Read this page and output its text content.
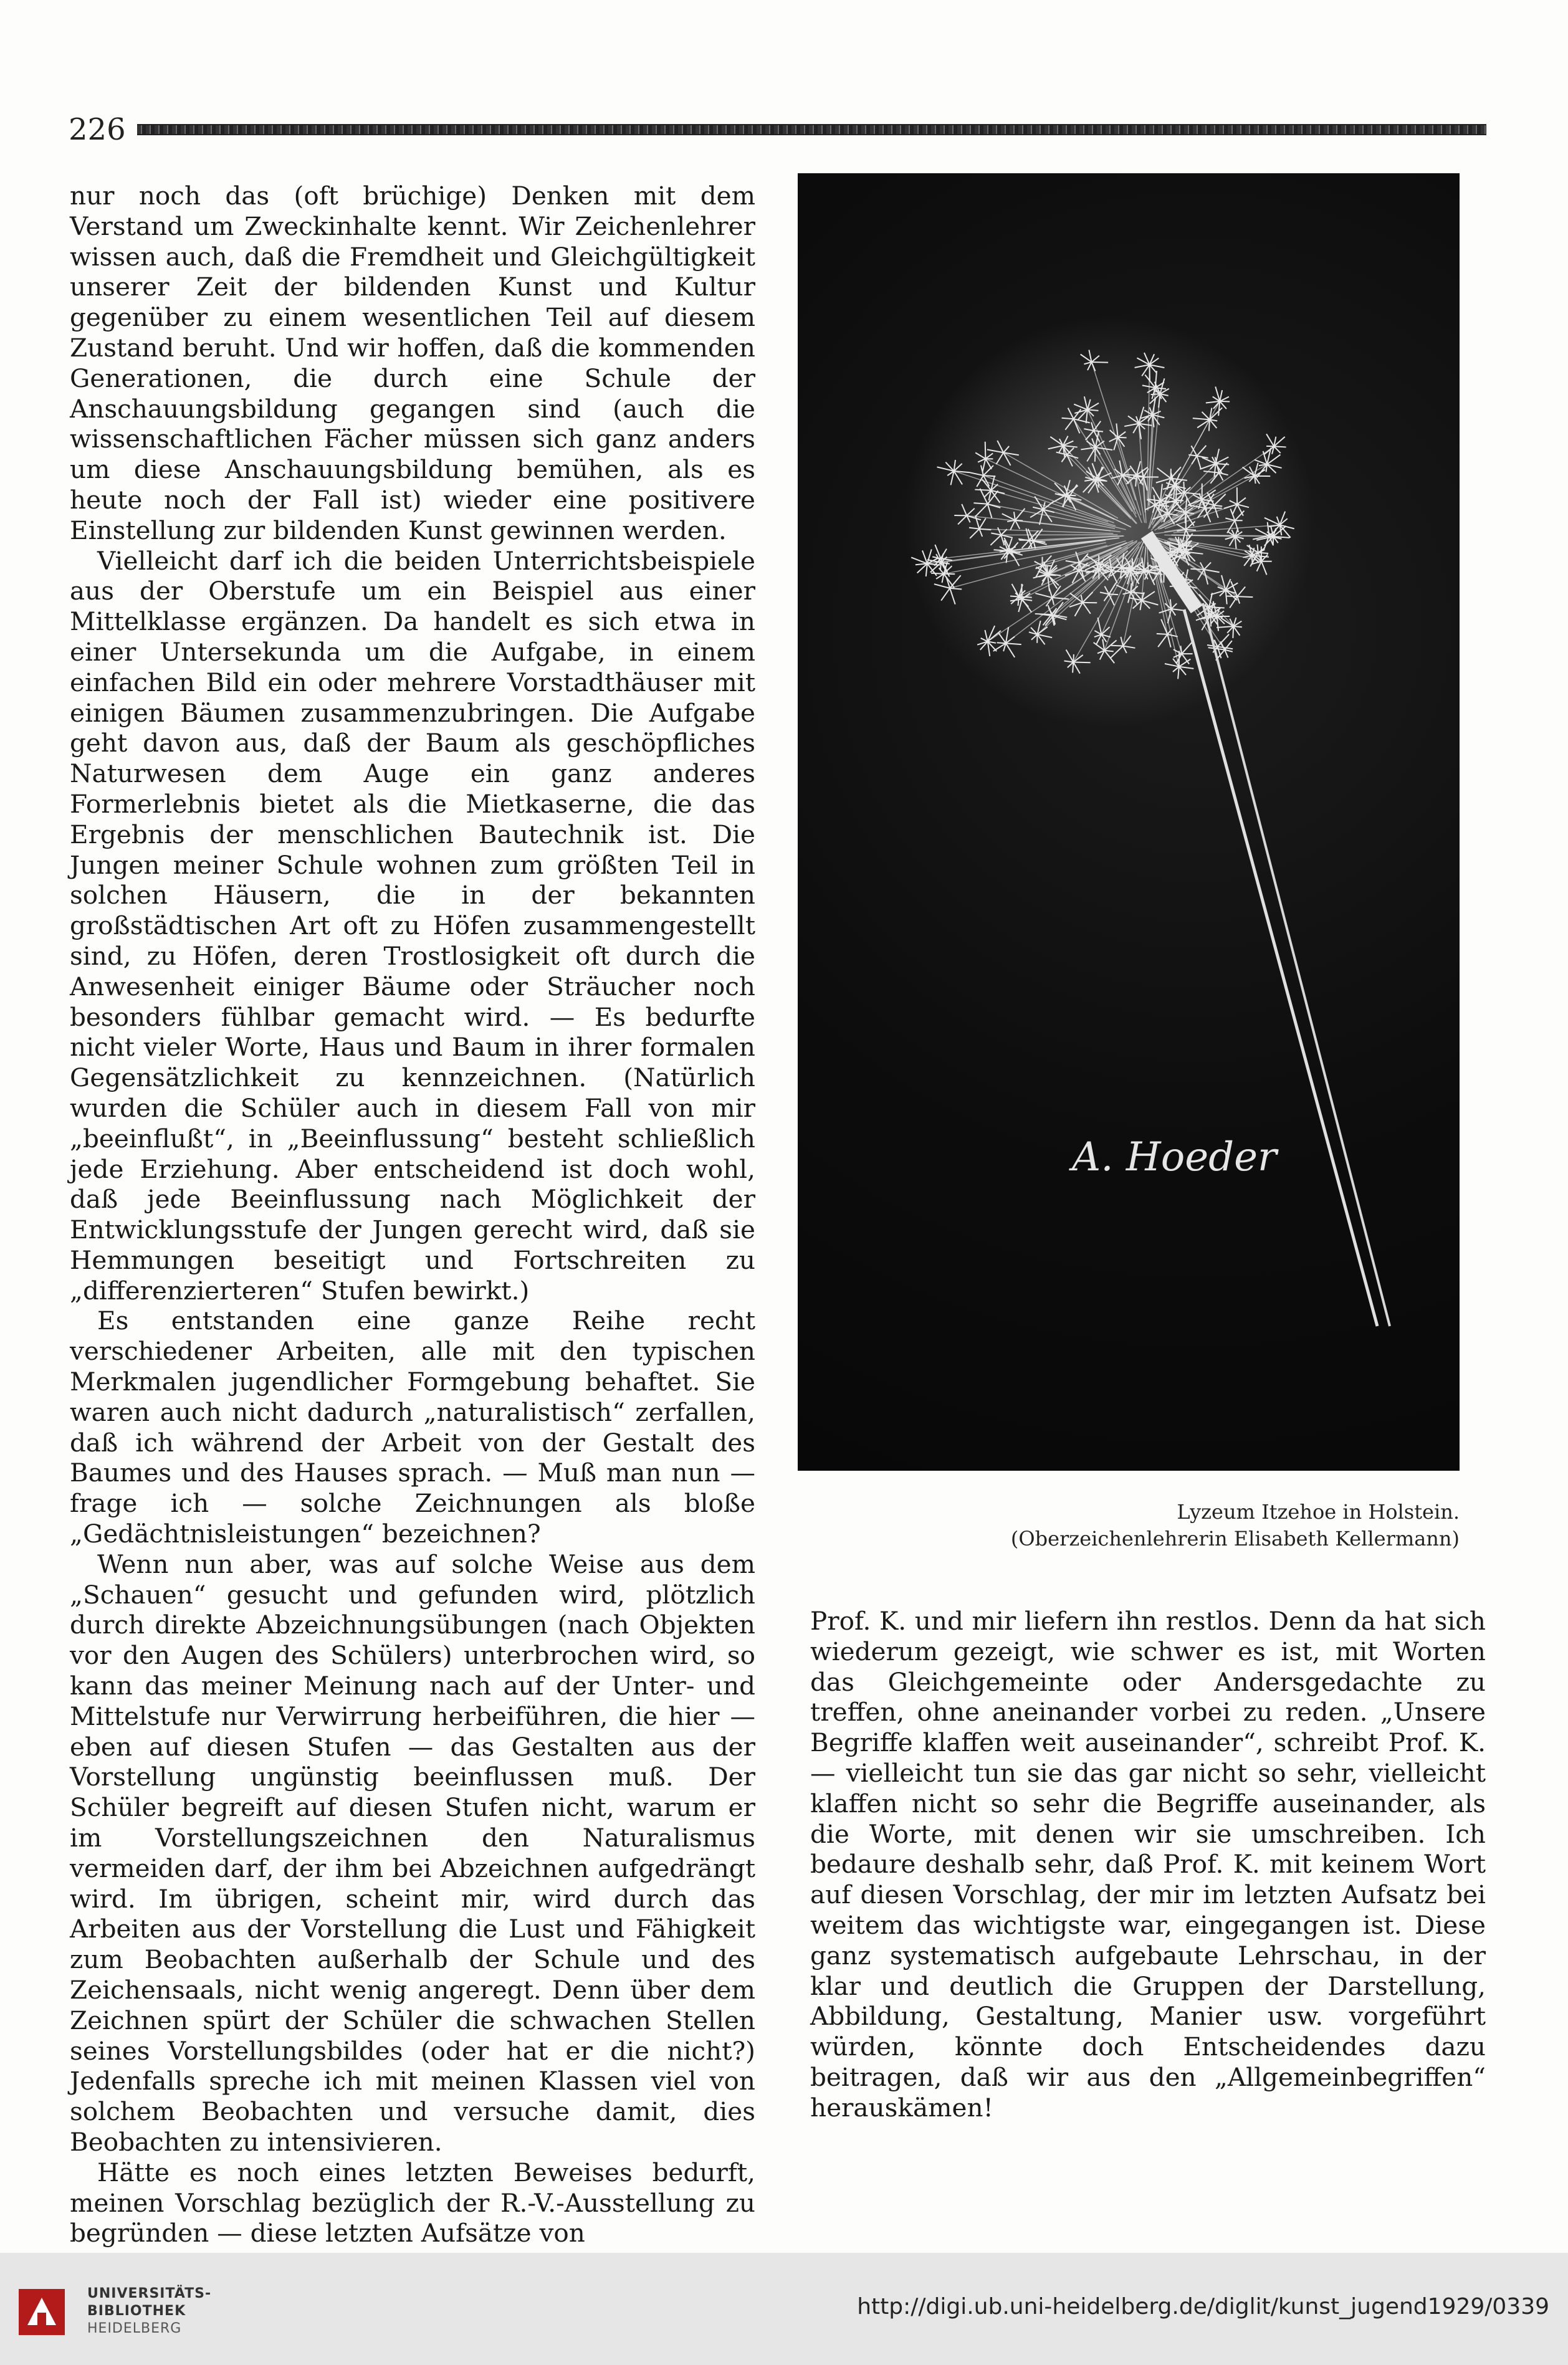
226

nur noch das (oft brüchige) Denken mit dem Verstand um Zweckinhalte kennt. Wir Zeichenlehrer wissen auch, daß die Fremdheit und Gleichgültigkeit unserer Zeit der bildenden Kunst und Kultur gegenüber zu einem wesentlichen Teil auf diesem Zustand beruht. Und wir hoffen, daß die kommenden Generationen, die durch eine Schule der Anschauungsbildung gegangen sind (auch die wissenschaftlichen Fächer müssen sich ganz anders um diese Anschauungsbildung bemühen, als es heute noch der Fall ist) wieder eine positivere Einstellung zur bildenden Kunst gewinnen werden.

Vielleicht darf ich die beiden Unterrichtsbeispiele aus der Oberstufe um ein Beispiel aus einer Mittelklasse ergänzen. Da handelt es sich etwa in einer Untersekunda um die Aufgabe, in einem einfachen Bild ein oder mehrere Vorstadthäuser mit einigen Bäumen zusammenzubringen. Die Aufgabe geht davon aus, daß der Baum als geschöpfliches Naturwesen dem Auge ein ganz anderes Formerlebnis bietet als die Mietkaserne, die das Ergebnis der menschlichen Bautechnik ist. Die Jungen meiner Schule wohnen zum größten Teil in solchen Häusern, die in der bekannten großstädtischen Art oft zu Höfen zusammengestellt sind, zu Höfen, deren Trostlosigkeit oft durch die Anwesenheit einiger Bäume oder Sträucher noch besonders fühlbar gemacht wird. — Es bedurfte nicht vieler Worte, Haus und Baum in ihrer formalen Gegensätzlichkeit zu kennzeichnen. (Natürlich wurden die Schüler auch in diesem Fall von mir „beeinflußt“, in „Beeinflussung“ besteht schließlich jede Erziehung. Aber entscheidend ist doch wohl, daß jede Beeinflussung nach Möglichkeit der Entwicklungsstufe der Jungen gerecht wird, daß sie Hemmungen beseitigt und Fortschreiten zu „differenzierteren“ Stufen bewirkt.)

Es entstanden eine ganze Reihe recht verschiedener Arbeiten, alle mit den typischen Merkmalen jugendlicher Formgebung behaftet. Sie waren auch nicht dadurch „naturalistisch“ zerfallen, daß ich während der Arbeit von der Gestalt des Baumes und des Hauses sprach. — Muß man nun — frage ich — solche Zeichnungen als bloße „Gedächtnisleistungen“ bezeichnen?

Wenn nun aber, was auf solche Weise aus dem „Schauen“ gesucht und gefunden wird, plötzlich durch direkte Abzeichnungsübungen (nach Objekten vor den Augen des Schülers) unterbrochen wird, so kann das meiner Meinung nach auf der Unter- und Mittelstufe nur Verwirrung herbeiführen, die hier — eben auf diesen Stufen — das Gestalten aus der Vorstellung ungünstig beeinflussen muß. Der Schüler begreift auf diesen Stufen nicht, warum er im Vorstellungszeichnen den Naturalismus vermeiden darf, der ihm bei Abzeichnen aufgedrängt wird. Im übrigen, scheint mir, wird durch das Arbeiten aus der Vorstellung die Lust und Fähigkeit zum Beobachten außerhalb der Schule und des Zeichensaals, nicht wenig angeregt. Denn über dem Zeichnen spürt der Schüler die schwachen Stellen seines Vorstellungsbildes (oder hat er die nicht?) Jedenfalls spreche ich mit meinen Klassen viel von solchem Beobachten und versuche damit, dies Beobachten zu intensivieren.

Hätte es noch eines letzten Beweises bedurft, meinen Vorschlag bezüglich der R.-V.-Ausstellung zu begründen — diese letzten Aufsätze von

A. Hoeder
Lyzeum Itzehoe in Holstein.
(Oberzeichenlehrerin Elisabeth Kellermann)

Prof. K. und mir liefern ihn restlos. Denn da hat sich wiederum gezeigt, wie schwer es ist, mit Worten das Gleichgemeinte oder Andersgedachte zu treffen, ohne aneinander vorbei zu reden. „Unsere Begriffe klaffen weit auseinander“, schreibt Prof. K. — vielleicht tun sie das gar nicht so sehr, vielleicht klaffen nicht so sehr die Begriffe auseinander, als die Worte, mit denen wir sie umschreiben. Ich bedaure deshalb sehr, daß Prof. K. mit keinem Wort auf diesen Vorschlag, der mir im letzten Aufsatz bei weitem das wichtigste war, eingegangen ist. Diese ganz systematisch aufgebaute Lehrschau, in der klar und deutlich die Gruppen der Darstellung, Abbildung, Gestaltung, Manier usw. vorgeführt würden, könnte doch Entscheidendes dazu beitragen, daß wir aus den „Allgemeinbegriffen“ herauskämen!

UNIVERSITÄTS-
BIBLIOTHEK
HEIDELBERG
http://digi.ub.uni-heidelberg.de/diglit/kunst_jugend1929/0339
